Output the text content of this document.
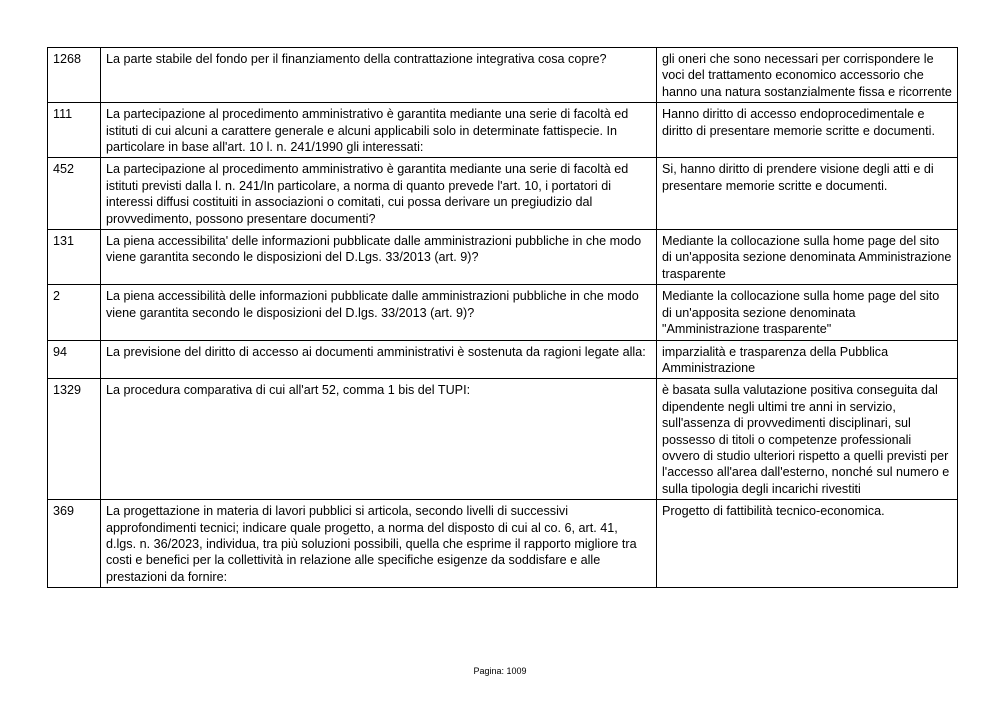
1268	La parte stabile del fondo per il finanziamento della contrattazione integrativa cosa copre?	gli oneri che sono necessari per corrispondere le voci del trattamento economico accessorio che hanno una natura sostanzialmente fissa e ricorrente
111	La partecipazione al procedimento amministrativo è garantita mediante una serie di facoltà ed istituti di cui alcuni a carattere generale e alcuni applicabili solo in determinate fattispecie. In particolare in base all'art. 10 l. n. 241/1990 gli interessati:	Hanno diritto di accesso endoprocedimentale e diritto di presentare memorie scritte e documenti.
452	La partecipazione al procedimento amministrativo è garantita mediante una serie di facoltà ed istituti previsti dalla l. n. 241/In particolare, a norma di quanto prevede l'art. 10, i portatori di interessi diffusi costituiti in associazioni o comitati, cui possa derivare un pregiudizio dal provvedimento, possono presentare documenti?	Si, hanno diritto di prendere visione degli atti e di presentare memorie scritte e documenti.
131	La piena accessibilita' delle informazioni pubblicate dalle amministrazioni pubbliche in che modo viene garantita secondo le disposizioni del D.Lgs. 33/2013 (art. 9)?	Mediante la collocazione sulla home page del sito di un'apposita sezione denominata Amministrazione trasparente
2	La piena accessibilità delle informazioni pubblicate dalle amministrazioni pubbliche in che modo viene garantita secondo le disposizioni del D.lgs. 33/2013 (art. 9)?	Mediante la collocazione sulla home page del sito di un'apposita sezione denominata "Amministrazione trasparente"
94	La previsione del diritto di accesso ai documenti amministrativi è sostenuta da ragioni legate alla:	imparzialità e trasparenza della Pubblica Amministrazione
1329	La procedura comparativa di cui all'art 52, comma 1 bis del TUPI:	è basata sulla valutazione positiva conseguita dal dipendente negli ultimi tre anni in servizio, sull'assenza di provvedimenti disciplinari, sul possesso di titoli o competenze professionali ovvero di studio ulteriori rispetto a quelli previsti per l'accesso all'area dall'esterno, nonché sul numero e sulla tipologia degli incarichi rivestiti
369	La progettazione in materia di lavori pubblici si articola, secondo livelli di successivi approfondimenti tecnici; indicare quale progetto, a norma del disposto di cui al co. 6, art. 41, d.lgs. n. 36/2023, individua, tra più soluzioni possibili, quella che esprime il rapporto migliore tra costi e benefici per la collettività in relazione alle specifiche esigenze da soddisfare e alle prestazioni da fornire:	Progetto di fattibilità tecnico-economica.
Pagina: 1009
